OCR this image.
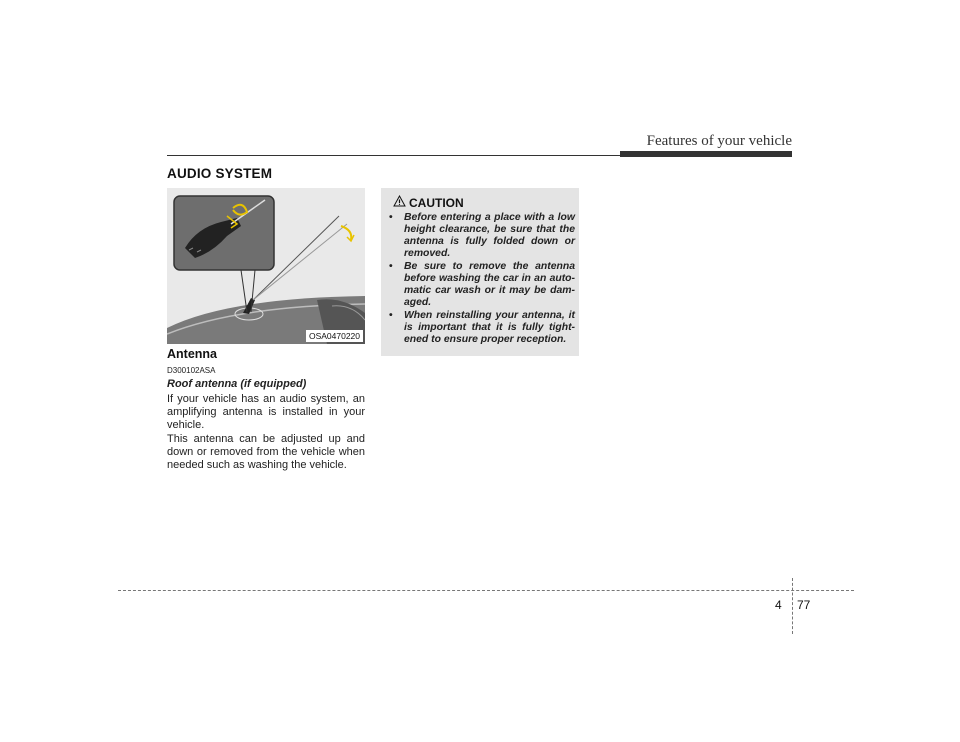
Features of your vehicle
AUDIO SYSTEM
OSA0470220
Antenna
D300102ASA
Roof antenna (if equipped)

If your vehicle has an audio system, an amplifying antenna is installed in your vehicle.

This antenna can be adjusted up and down or removed from the vehicle when needed such as washing the vehicle.

CAUTION
• Before entering a place with a low height clearance, be sure that the antenna is fully folded down or removed.
• Be sure to remove the antenna before washing the car in an auto-matic car wash or it may be dam-aged.
• When reinstalling your antenna, it is important that it is fully tight-ened to ensure proper reception.
4 77
